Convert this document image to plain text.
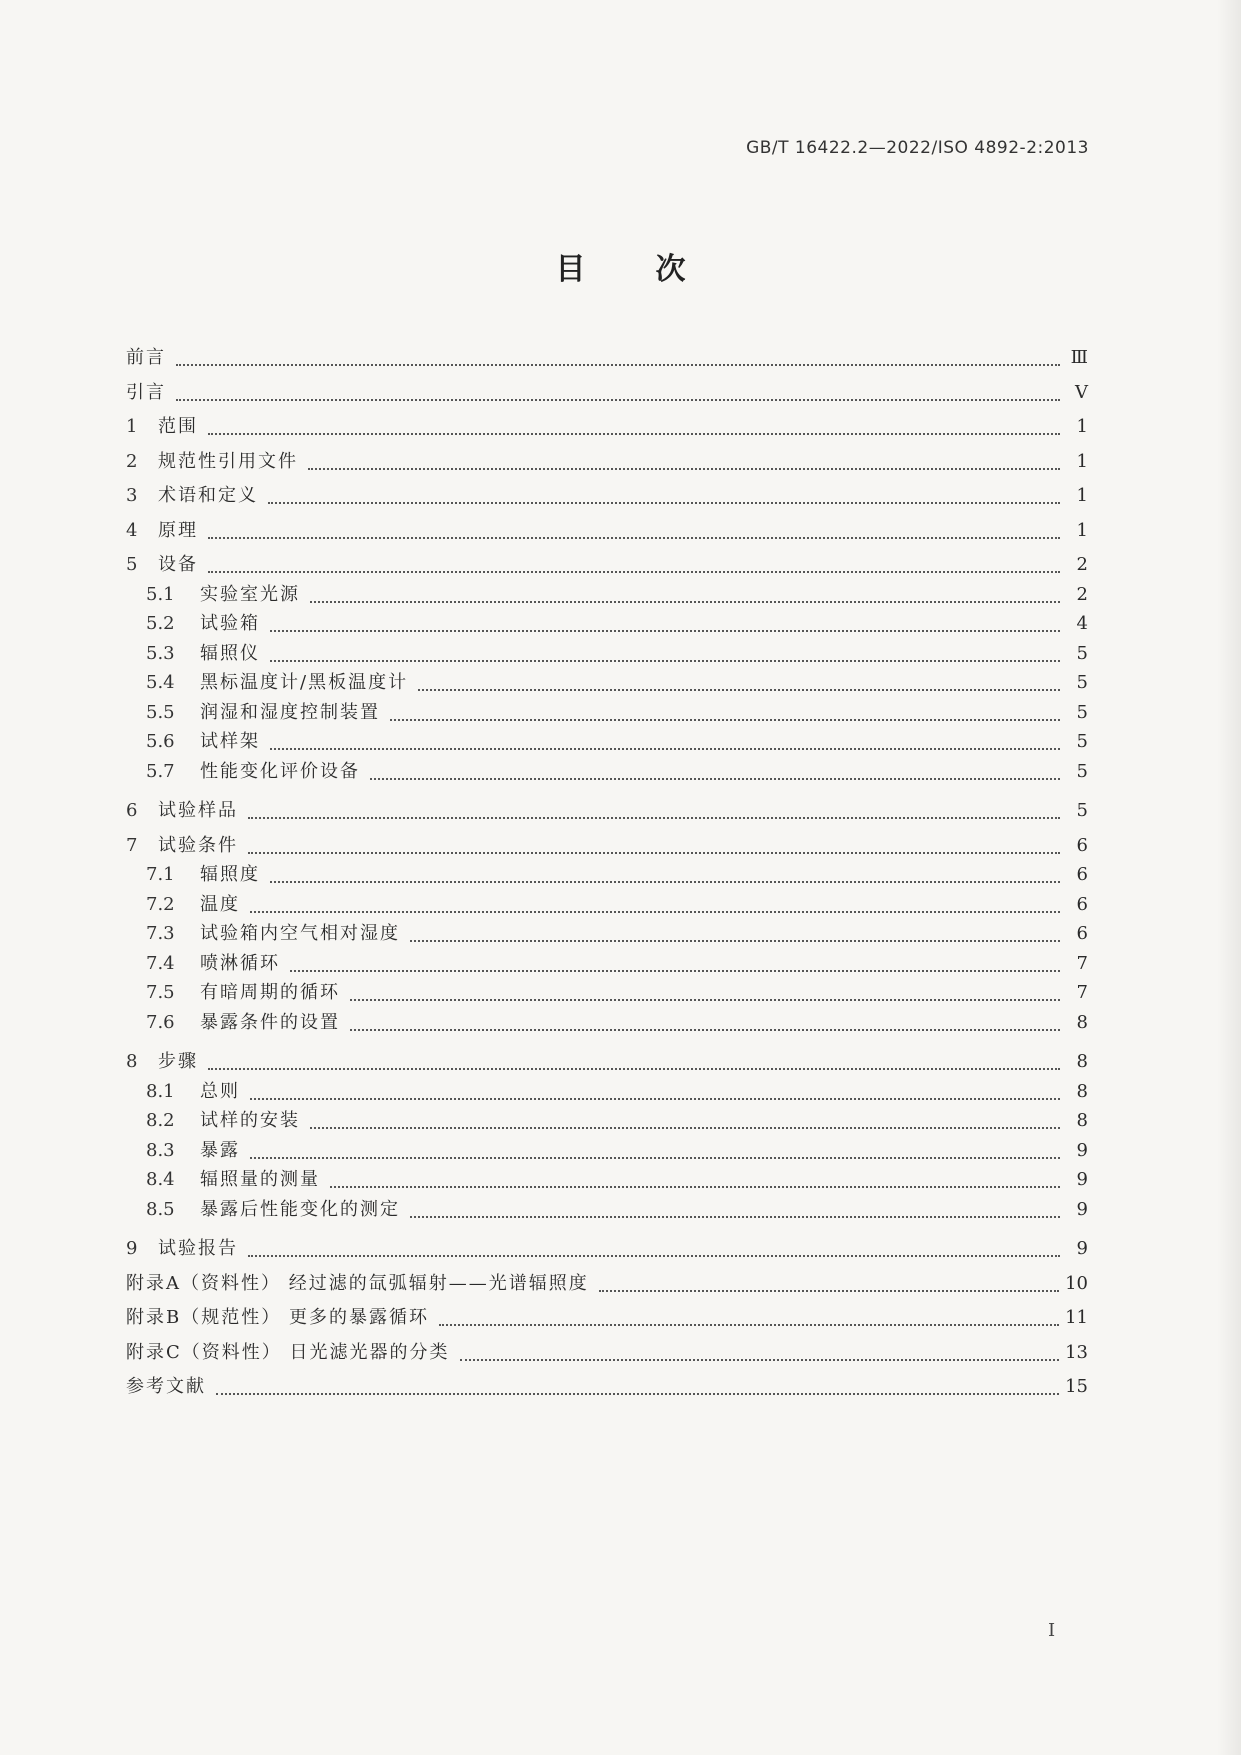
GB/T 16422.2—2022/ISO 4892-2:2013
目次
前言	Ⅲ
引言	Ⅴ
1	范围	1
2	规范性引用文件	1
3	术语和定义	1
4	原理	1
5	设备	2
5.1	实验室光源	2
5.2	试验箱	4
5.3	辐照仪	5
5.4	黑标温度计/黑板温度计	5
5.5	润湿和湿度控制装置	5
5.6	试样架	5
5.7	性能变化评价设备	5
6	试验样品	5
7	试验条件	6
7.1	辐照度	6
7.2	温度	6
7.3	试验箱内空气相对湿度	6
7.4	喷淋循环	7
7.5	有暗周期的循环	7
7.6	暴露条件的设置	8
8	步骤	8
8.1	总则	8
8.2	试样的安装	8
8.3	暴露	9
8.4	辐照量的测量	9
8.5	暴露后性能变化的测定	9
9	试验报告	9
附录A（资料性） 经过滤的氙弧辐射——光谱辐照度	10
附录B（规范性） 更多的暴露循环	11
附录C（资料性） 日光滤光器的分类	13
参考文献	15
I
